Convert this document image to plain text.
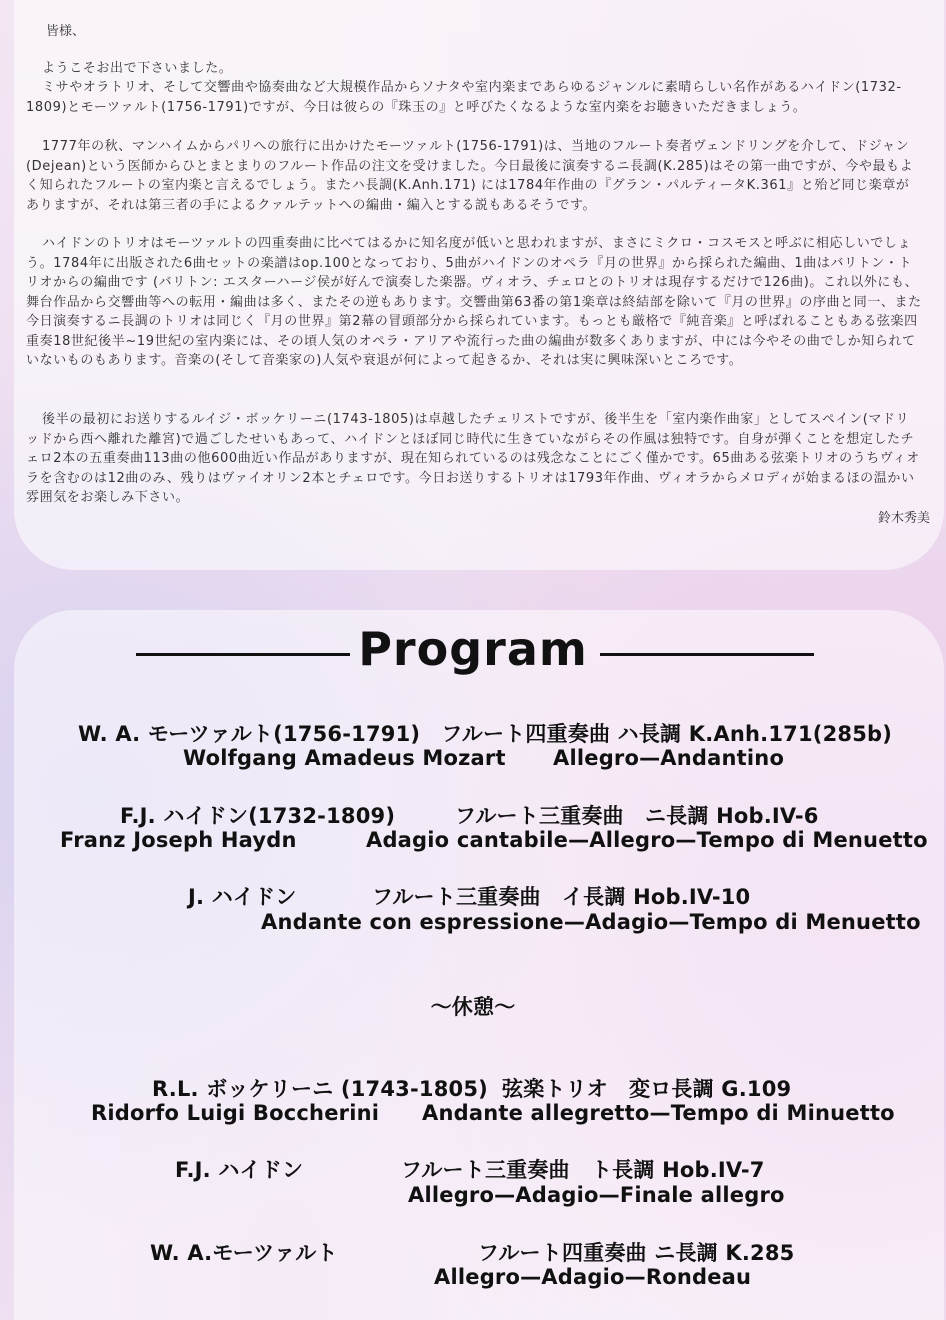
皆様、

ようこそお出で下さいました。

ミサやオラトリオ、そして交響曲や協奏曲など大規模作品からソナタや室内楽まであらゆるジャンルに素晴らしい名作があるハイドン(1732-1809)とモーツァルト(1756-1791)ですが、今日は彼らの『珠玉の』と呼びたくなるような室内楽をお聴きいただきましょう。

1777年の秋、マンハイムからパリへの旅行に出かけたモーツァルト(1756-1791)は、当地のフルート奏者ヴェンドリングを介して、ドジャン(Dejean)という医師からひとまとまりのフルート作品の注文を受けました。今日最後に演奏するニ長調(K.285)はその第一曲ですが、今や最もよく知られたフルートの室内楽と言えるでしょう。またハ長調(K.Anh.171) には1784年作曲の『グラン・パルティータK.361』と殆ど同じ楽章がありますが、それは第三者の手によるクァルテットへの編曲・編入とする説もあるそうです。

ハイドンのトリオはモーツァルトの四重奏曲に比べてはるかに知名度が低いと思われますが、まさにミクロ・コスモスと呼ぶに相応しいでしょう。1784年に出版された6曲セットの楽譜はop.100となっており、5曲がハイドンのオペラ『月の世界』から採られた編曲、1曲はバリトン・トリオからの編曲です (バリトン: エスターハージ侯が好んで演奏した楽器。ヴィオラ、チェロとのトリオは現存するだけで126曲)。これ以外にも、舞台作品から交響曲等への転用・編曲は多く、またその逆もあります。交響曲第63番の第1楽章は終結部を除いて『月の世界』の序曲と同一、また今日演奏するニ長調のトリオは同じく『月の世界』第2幕の冒頭部分から採られています。もっとも厳格で『純音楽』と呼ばれることもある弦楽四重奏18世紀後半~19世紀の室内楽には、その頃人気のオペラ・アリアや流行った曲の編曲が数多くありますが、中には今やその曲でしか知られていないものもあります。音楽の(そして音楽家の)人気や衰退が何によって起きるか、それは実に興味深いところです。

後半の最初にお送りするルイジ・ボッケリーニ(1743-1805)は卓越したチェリストですが、後半生を「室内楽作曲家」としてスペイン(マドリッドから西へ離れた離宮)で過ごしたせいもあって、ハイドンとほぼ同じ時代に生きていながらその作風は独特です。自身が弾くことを想定したチェロ2本の五重奏曲113曲の他600曲近い作品がありますが、現在知られているのは残念なことにごく僅かです。65曲ある弦楽トリオのうちヴィオラを含むのは12曲のみ、残りはヴァイオリン2本とチェロです。今日お送りするトリオは1793年作曲、ヴィオラからメロディが始まるほの温かい雰囲気をお楽しみ下さい。

鈴木秀美
Program
W. A. モーツァルト(1756-1791)　フルート四重奏曲 ハ長調 K.Anh.171(285b)
Wolfgang Amadeus Mozart Allegro—Andantino
F.J. ハイドン(1732-1809)	フルート三重奏曲　ニ長調 Hob.IV-6
Franz Joseph Haydn	Adagio cantabile—Allegro—Tempo di Menuetto
J. ハイドン	フルート三重奏曲　イ長調 Hob.IV-10
Andante con espressione—Adagio—Tempo di Menuetto
～休憩～
R.L. ボッケリーニ (1743-1805) 弦楽トリオ　変ロ長調 G.109
Ridorfo Luigi Boccherini Andante allegretto—Tempo di Minuetto
F.J. ハイドン	フルート三重奏曲　ト長調 Hob.IV-7
Allegro—Adagio—Finale allegro
W. A.モーツァルト	フルート四重奏曲 ニ長調 K.285
Allegro—Adagio—Rondeau
